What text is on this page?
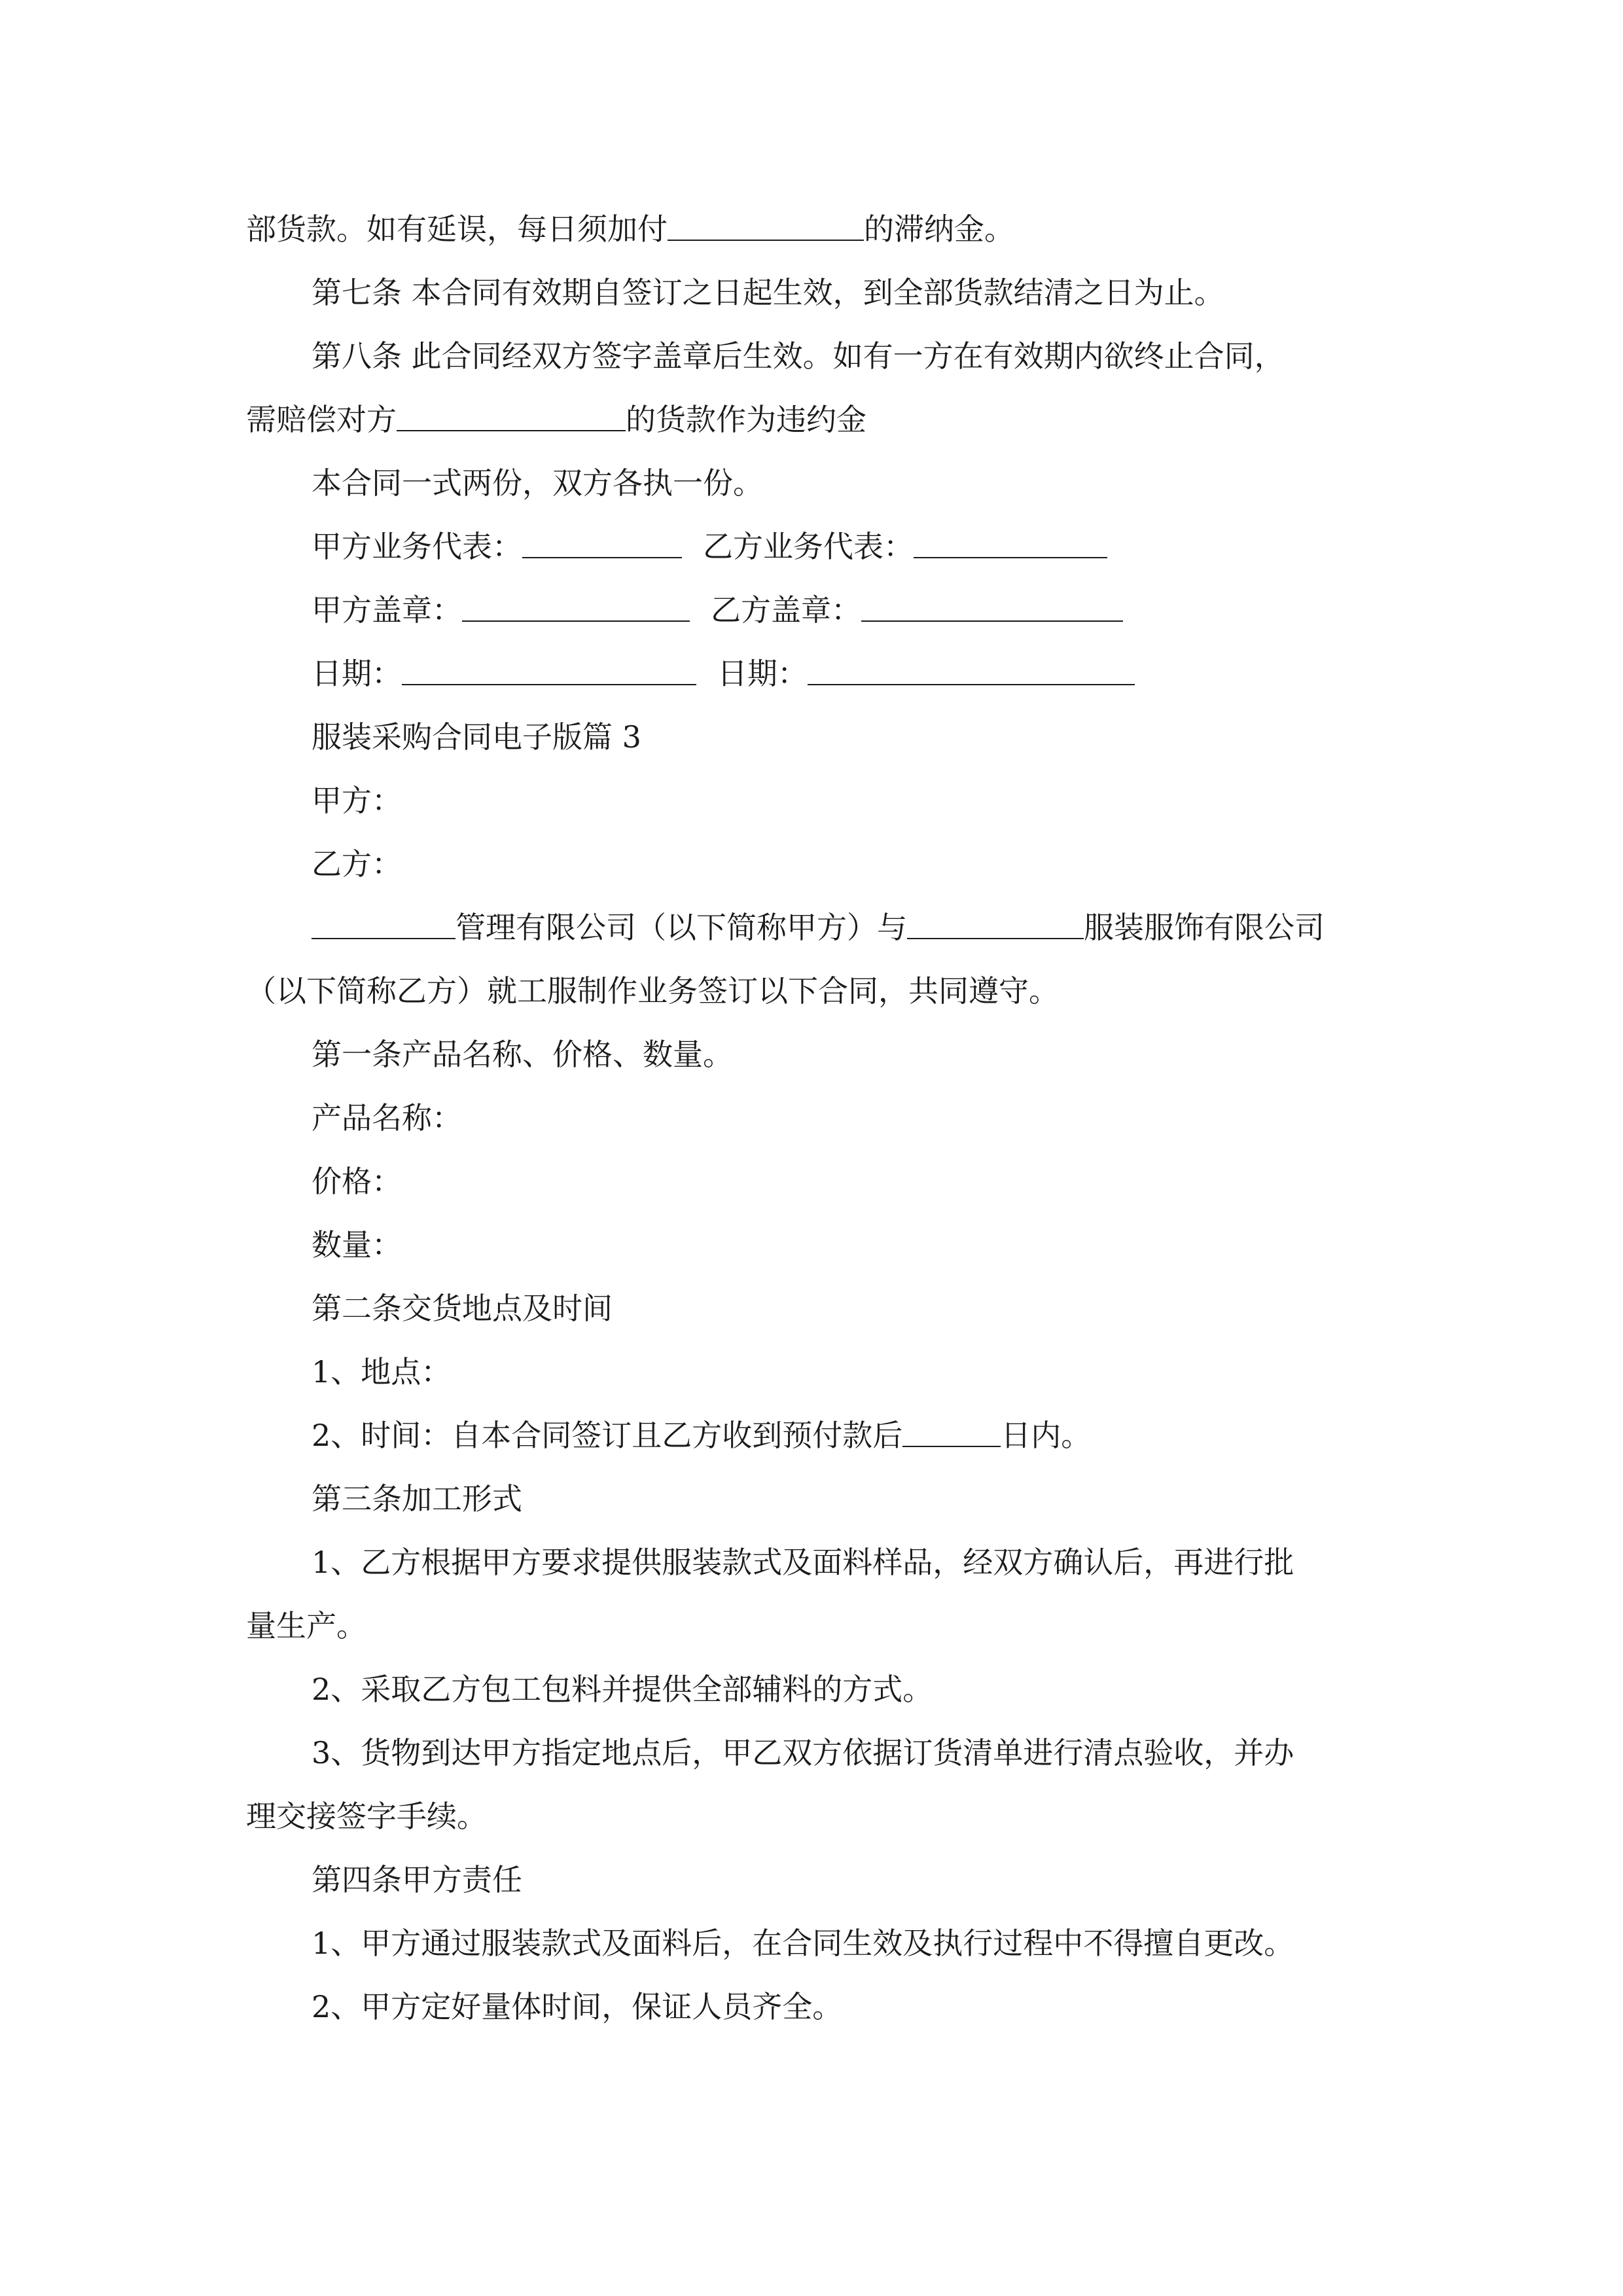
部货款。如有延误，每日须加付	的滞纳金。
第七条 本合同有效期自签订之日起生效，到全部货款结清之日为止。
第八条 此合同经双方签字盖章后生效。如有一方在有效期内欲终止合同，
需赔偿对方	的货款作为违约金
本合同一式两份，双方各执一份。
甲方业务代表：	乙方业务代表：
甲方盖章：	乙方盖章：
日期：	日期：
服装采购合同电子版篇 3
甲方：
乙方：
管理有限公司（以下简称甲方）与	服装服饰有限公司
（以下简称乙方）就工服制作业务签订以下合同，共同遵守。
第一条产品名称、价格、数量。
产品名称：
价格：
数量：
第二条交货地点及时间
1、地点：
2、时间：自本合同签订且乙方收到预付款后	日内。
第三条加工形式
1、乙方根据甲方要求提供服装款式及面料样品，经双方确认后，再进行批
量生产。
2、采取乙方包工包料并提供全部辅料的方式。
3、货物到达甲方指定地点后，甲乙双方依据订货清单进行清点验收，并办
理交接签字手续。
第四条甲方责任
1、甲方通过服装款式及面料后，在合同生效及执行过程中不得擅自更改。
2、甲方定好量体时间，保证人员齐全。
